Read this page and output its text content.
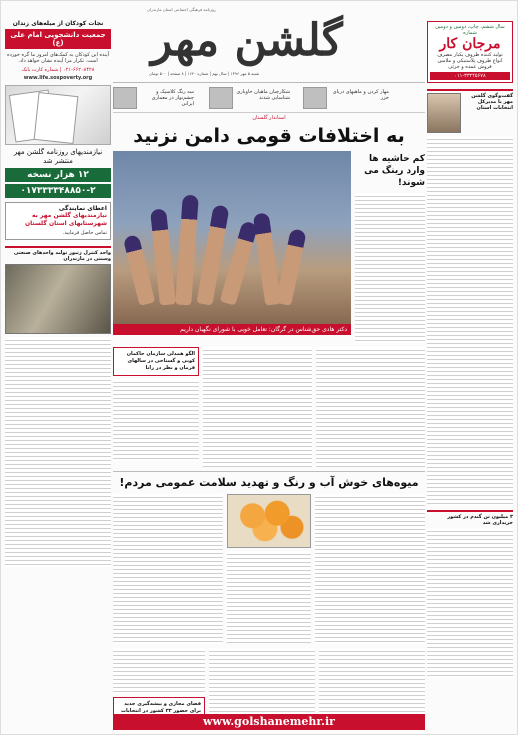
نجات کودکان از میله‌های زندان
جمعیت دانشجویی امام علی (ع)
آینده این کودکان به کمک‌های امروز ما گره خورده است. تکرار مرا آینده نشان خواهد داد.
۰۲۱-۶۶۲۰۸۴۲۸ | شماره کارت بانک
www.life.sospoverty.org
نیازمندیهای روزنامه گلشن مهر منتشر شد
۱۲ هزار نسخه
۰۱۷۳۳۳۳۴۸۸۵۰-۲
اعطای نمایندگی
نیازمندیهای گلشن مهر به شهرستانهای استان گلستان
تماس حاصل فرمایید.
واحد کنترل زنبور تولید واحدهای صنعتی وسنتی در مازندران
سال ششم، چاپ، دومین و دومین شماره
مرجان کار
تولید کننده ظروف یکبار مصرف
انواع ظروف پلاستیکی و ملامین
فروش عمده و جزئی
۰۱۱-۳۳۲۴۵۶۷۸
گفت‌وگوی گلشن مهر با مدیرکل انتخابات استان
۳ میلیون تن گندم در کشور خریداری شد
روزنامه فرهنگی اجتماعی استان مازندران
گلشن مهر
شنبه ۵ مهر ۱۳۹۶ | سال نهم | شماره ۱۶۴۰ | ۸ صفحه | ۵۰۰ تومان
سه رنگ کلاسیک و چشم‌نواز در معماری ایرانی
شکارچیان ماهیان خاویاری شناسایی شدند
مهار کردن و ماهیهای دریای خزر
استاندار گلستان
به اختلافات قومی دامن نزنید
کم حاشیه ها وارد رینگ می شوند!
دکتر هادی حق‌شناس در گرگان: تعامل خوبی با شورای نگهبان داریم
الگو همدلی سازمان حاکمان کوبی و گستاخی در سالهای فرمان و نظر در رانا
میوه‌های خوش آب و رنگ و تهدید سلامت عمومی مردم!
فضای مجازی و پیشه‌گیری جدید برای حضور ۳۳ کشور در انتخابات
www.golshanemehr.ir
